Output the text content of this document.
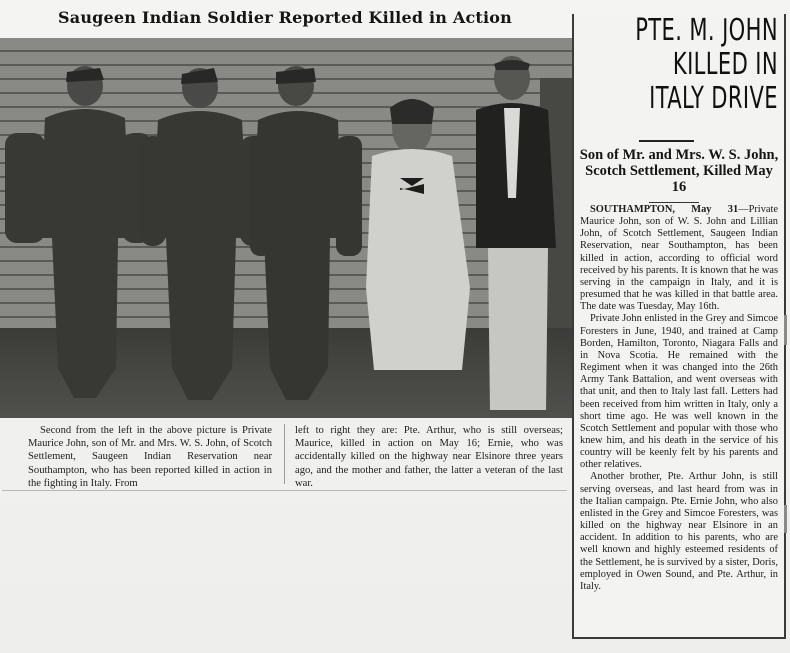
Saugeen Indian Soldier Reported Killed in Action
Second from the left in the above picture is Private Maurice John, son of Mr. and Mrs. W. S. John, of Scotch Settlement, Saugeen Indian Reservation near Southampton, who has been reported killed in action in the fighting in Italy. From
left to right they are: Pte. Arthur, who is still overseas; Maurice, killed in action on May 16; Ernie, who was accidentally killed on the highway near Elsinore three years ago, and the mother and father, the latter a veteran of the last war.
PTE. M. JOHN
KILLED IN
ITALY DRIVE
Son of Mr. and Mrs. W. S. John, Scotch Settlement, Killed May 16

SOUTHAMPTON, May 31—Private Maurice John, son of W. S. John and Lillian John, of Scotch Settlement, Saugeen Indian Reservation, near Southampton, has been killed in action, according to official word received by his parents. It is known that he was serving in the campaign in Italy, and it is presumed that he was killed in that battle area. The date was Tuesday, May 16th.

Private John enlisted in the Grey and Simcoe Foresters in June, 1940, and trained at Camp Borden, Hamilton, Toronto, Niagara Falls and in Nova Scotia. He remained with the Regiment when it was changed into the 26th Army Tank Battalion, and went overseas with that unit, and then to Italy last fall. Letters had been received from him written in Italy, only a short time ago. He was well known in the Scotch Settlement and popular with those who knew him, and his death in the service of his country will be keenly felt by his parents and other relatives.

Another brother, Pte. Arthur John, is still serving overseas, and last heard from was in the Italian campaign. Pte. Ernie John, who also enlisted in the Grey and Simcoe Foresters, was killed on the highway near Elsinore in an accident. In addition to his parents, who are well known and highly esteemed residents of the Settlement, he is survived by a sister, Doris, employed in Owen Sound, and Pte. Arthur, in Italy.
